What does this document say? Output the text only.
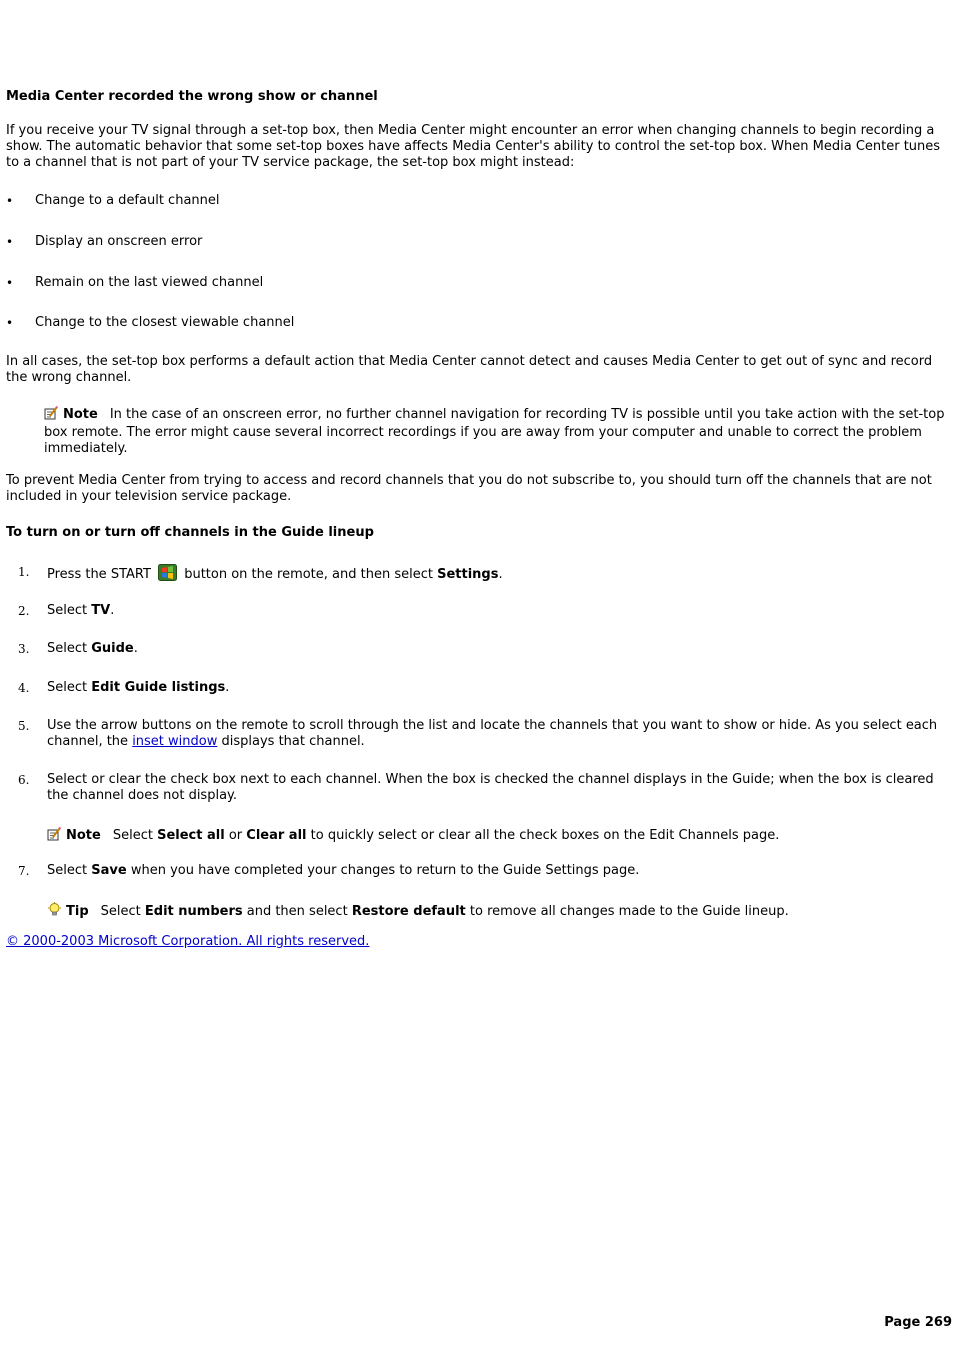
Media Center recorded the wrong show or channel
If you receive your TV signal through a set-top box, then Media Center might encounter an error when changing channels to begin recording a show. The automatic behavior that some set-top boxes have affects Media Center's ability to control the set-top box. When Media Center tunes to a channel that is not part of your TV service package, the set-top box might instead:
• Change to a default channel
• Display an onscreen error
• Remain on the last viewed channel
• Change to the closest viewable channel
In all cases, the set-top box performs a default action that Media Center cannot detect and causes Media Center to get out of sync and record the wrong channel.
Note In the case of an onscreen error, no further channel navigation for recording TV is possible until you take action with the set-top box remote. The error might cause several incorrect recordings if you are away from your computer and unable to correct the problem immediately.
To prevent Media Center from trying to access and record channels that you do not subscribe to, you should turn off the channels that are not included in your television service package.
To turn on or turn off channels in the Guide lineup
1. Press the START	button on the remote, and then select Settings.
2. Select TV.
3. Select Guide.
4. Select Edit Guide listings.
5. Use the arrow buttons on the remote to scroll through the list and locate the channels that you want to show or hide. As you select each channel, the inset window displays that channel.
6. Select or clear the check box next to each channel. When the box is checked the channel displays in the Guide; when the box is cleared the channel does not display.
Note Select Select all or Clear all to quickly select or clear all the check boxes on the Edit Channels page.
7. Select Save when you have completed your changes to return to the Guide Settings page.
Tip Select Edit numbers and then select Restore default to remove all changes made to the Guide lineup.
© 2000-2003 Microsoft Corporation. All rights reserved.
Page 269
